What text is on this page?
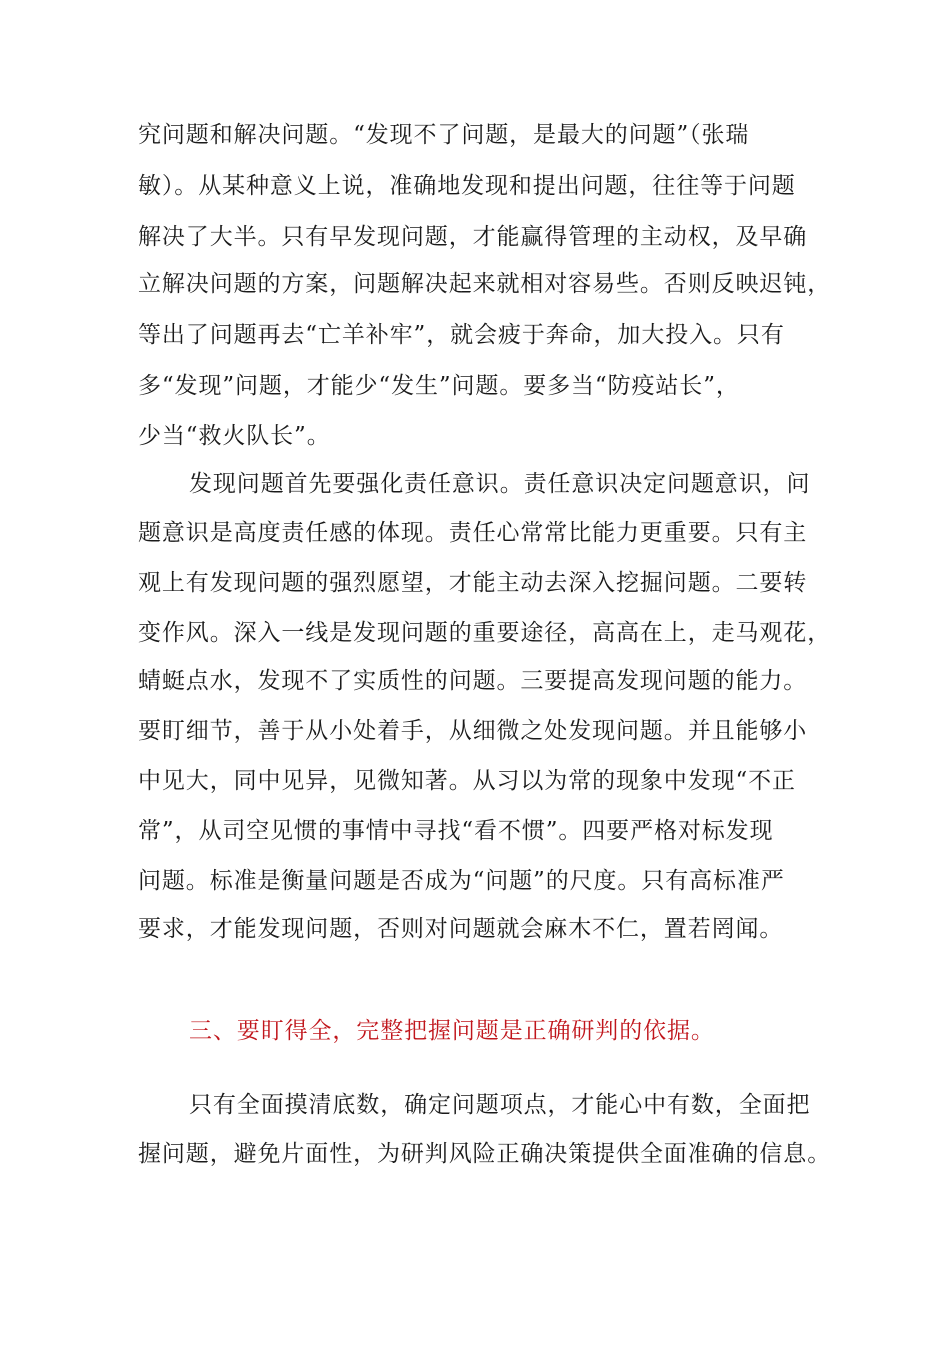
究问题和解决问题。“发现不了问题，是最大的问题”（张瑞

敏）。从某种意义上说，准确地发现和提出问题，往往等于问题

解决了大半。只有早发现问题，才能赢得管理的主动权，及早确

立解决问题的方案，问题解决起来就相对容易些。否则反映迟钝，

等出了问题再去“亡羊补牢”，就会疲于奔命，加大投入。只有

多“发现”问题，才能少“发生”问题。要多当“防疫站长”，

少当“救火队长”。

发现问题首先要强化责任意识。责任意识决定问题意识，问

题意识是高度责任感的体现。责任心常常比能力更重要。只有主

观上有发现问题的强烈愿望，才能主动去深入挖掘问题。二要转

变作风。深入一线是发现问题的重要途径，高高在上，走马观花，

蜻蜓点水，发现不了实质性的问题。三要提高发现问题的能力。

要盯细节，善于从小处着手，从细微之处发现问题。并且能够小

中见大，同中见异，见微知著。从习以为常的现象中发现“不正

常”，从司空见惯的事情中寻找“看不惯”。四要严格对标发现

问题。标准是衡量问题是否成为“问题”的尺度。只有高标准严

要求，才能发现问题，否则对问题就会麻木不仁，置若罔闻。

三、要盯得全，完整把握问题是正确研判的依据。

只有全面摸清底数，确定问题项点，才能心中有数，全面把

握问题，避免片面性，为研判风险正确决策提供全面准确的信息。
